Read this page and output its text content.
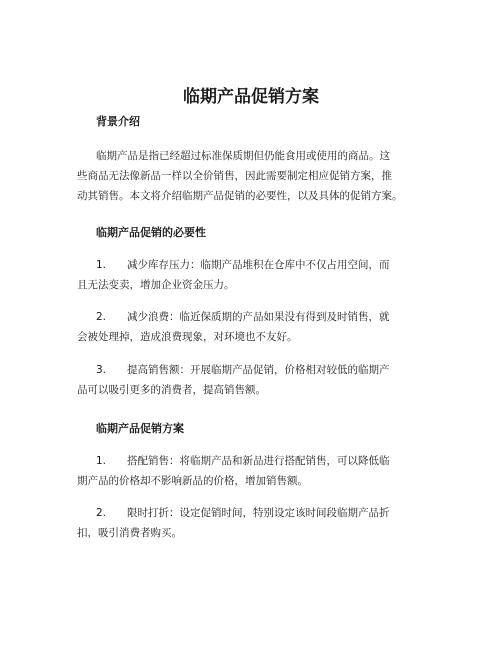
临期产品促销方案
背景介绍
临期产品是指已经超过标准保质期但仍能食用或使用的商品。这
些商品无法像新品一样以全价销售，因此需要制定相应促销方案，推
动其销售。本文将介绍临期产品促销的必要性，以及具体的促销方案。
临期产品促销的必要性
1. 减少库存压力：临期产品堆积在仓库中不仅占用空间，而
且无法变卖，增加企业资金压力。
2. 减少浪费：临近保质期的产品如果没有得到及时销售，就
会被处理掉，造成浪费现象，对环境也不友好。
3. 提高销售额：开展临期产品促销，价格相对较低的临期产
品可以吸引更多的消费者，提高销售额。
临期产品促销方案
1. 搭配销售：将临期产品和新品进行搭配销售，可以降低临
期产品的价格却不影响新品的价格，增加销售额。
2. 限时打折：设定促销时间，特别设定该时间段临期产品折
扣，吸引消费者购买。
